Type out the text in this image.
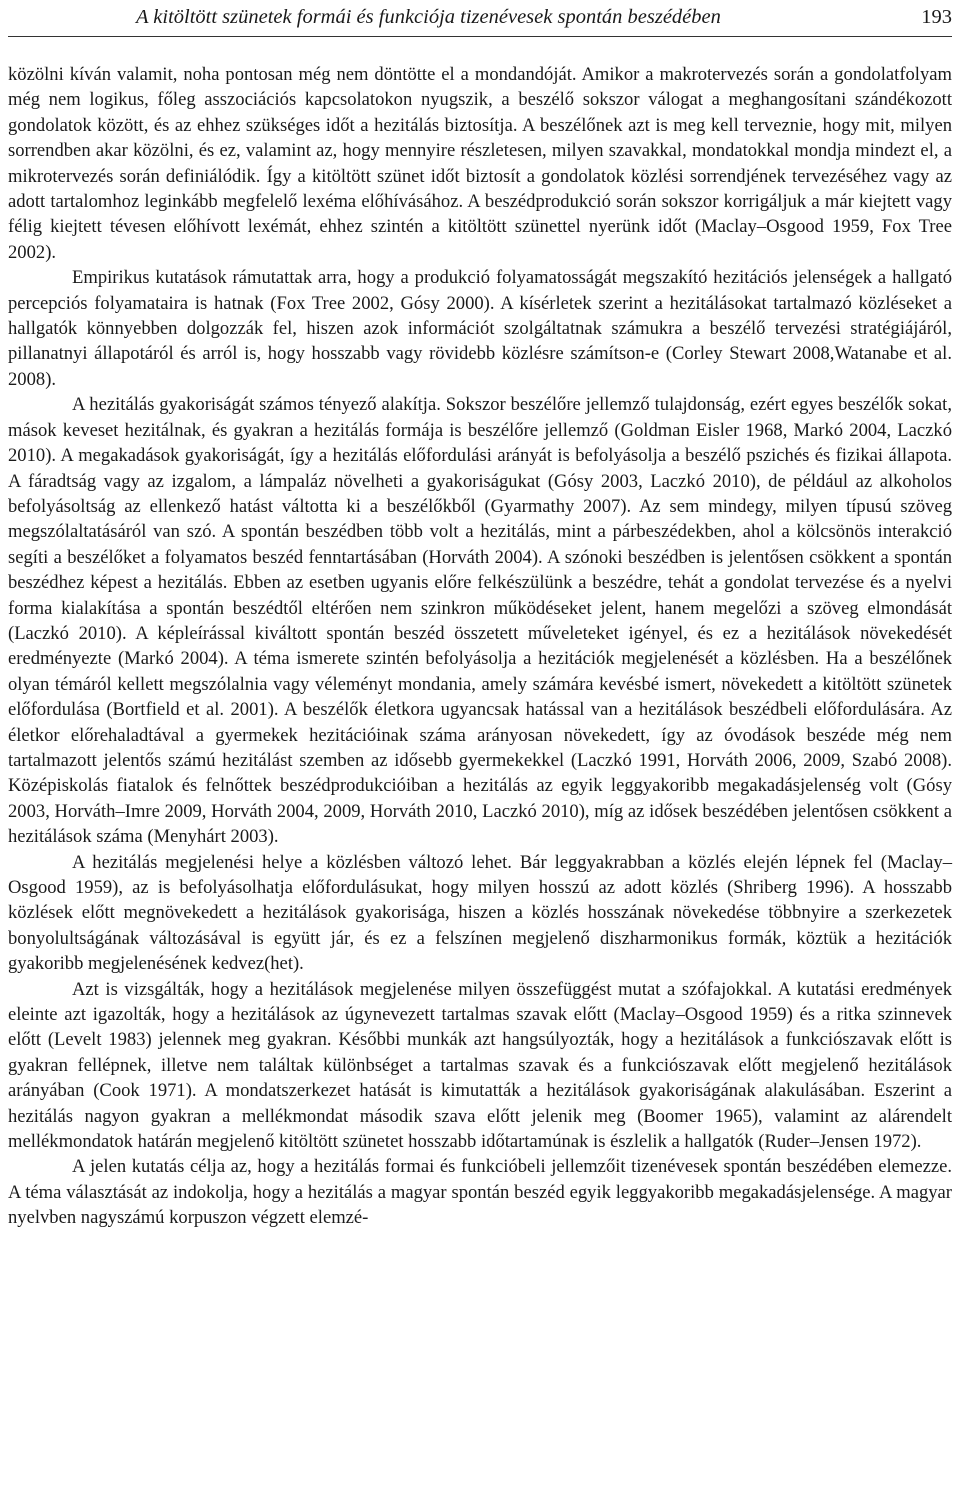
A kitöltött szünetek formái és funkciója tizenévesek spontán beszédében	193

közölni kíván valamit, noha pontosan még nem döntötte el a mondandóját. Amikor a makrotervezés során a gondolatfolyam még nem logikus, főleg asszociációs kapcsolatokon nyugszik, a beszélő sokszor válogat a meghangosítani szándékozott gondolatok között, és az ehhez szükséges időt a hezitálás biztosítja. A beszélőnek azt is meg kell terveznie, hogy mit, milyen sorrendben akar közölni, és ez, valamint az, hogy mennyire részletesen, milyen szavakkal, mondatokkal mondja mindezt el, a mikrotervezés során definiálódik. Így a kitöltött szünet időt biztosít a gondolatok közlési sorrendjének tervezéséhez vagy az adott tartalomhoz leginkább megfelelő lexéma előhívásához. A beszédprodukció során sokszor korrigáljuk a már kiejtett vagy félig kiejtett tévesen előhívott lexémát, ehhez szintén a kitöltött szünettel nyerünk időt (Maclay–Osgood 1959, Fox Tree 2002).

Empirikus kutatások rámutattak arra, hogy a produkció folyamatosságát megszakító hezitációs jelenségek a hallgató percepciós folyamataira is hatnak (Fox Tree 2002, Gósy 2000). A kísérletek szerint a hezitálásokat tartalmazó közléseket a hallgatók könnyebben dolgozzák fel, hiszen azok információt szolgáltatnak számukra a beszélő tervezési stratégiájáról, pillanatnyi állapotáról és arról is, hogy hosszabb vagy rövidebb közlésre számítson-e (Corley Stewart 2008,Watanabe et al. 2008).

A hezitálás gyakoriságát számos tényező alakítja. Sokszor beszélőre jellemző tulajdonság, ezért egyes beszélők sokat, mások keveset hezitálnak, és gyakran a hezitálás formája is beszélőre jellemző (Goldman Eisler 1968, Markó 2004, Laczkó 2010). A megakadások gyakoriságát, így a hezitálás előfordulási arányát is befolyásolja a beszélő pszichés és fizikai állapota. A fáradtság vagy az izgalom, a lámpaláz növelheti a gyakoriságukat (Gósy 2003, Laczkó 2010), de például az alkoholos befolyásoltság az ellenkező hatást váltotta ki a beszélőkből (Gyarmathy 2007). Az sem mindegy, milyen típusú szöveg megszólaltatásáról van szó. A spontán beszédben több volt a hezitálás, mint a párbeszédekben, ahol a kölcsönös interakció segíti a beszélőket a folyamatos beszéd fenntartásában (Horváth 2004). A szónoki beszédben is jelentősen csökkent a spontán beszédhez képest a hezitálás. Ebben az esetben ugyanis előre felkészülünk a beszédre, tehát a gondolat tervezése és a nyelvi forma kialakítása a spontán beszédtől eltérően nem szinkron működéseket jelent, hanem megelőzi a szöveg elmondását (Laczkó 2010). A képleírással kiváltott spontán beszéd összetett műveleteket igényel, és ez a hezitálások növekedését eredményezte (Markó 2004). A téma ismerete szintén befolyásolja a hezitációk megjelenését a közlésben. Ha a beszélőnek olyan témáról kellett megszólalnia vagy véleményt mondania, amely számára kevésbé ismert, növekedett a kitöltött szünetek előfordulása (Bortfield et al. 2001). A beszélők életkora ugyancsak hatással van a hezitálások beszédbeli előfordulására. Az életkor előrehaladtával a gyermekek hezitációinak száma arányosan növekedett, így az óvodások beszéde még nem tartalmazott jelentős számú hezitálást szemben az idősebb gyermekekkel (Laczkó 1991, Horváth 2006, 2009, Szabó 2008). Középiskolás fiatalok és felnőttek beszédprodukcióiban a hezitálás az egyik leggyakoribb megakadásjelenség volt (Gósy 2003, Horváth–Imre 2009, Horváth 2004, 2009, Horváth 2010, Laczkó 2010), míg az idősek beszédében jelentősen csökkent a hezitálások száma (Menyhárt 2003).

A hezitálás megjelenési helye a közlésben változó lehet. Bár leggyakrabban a közlés elején lépnek fel (Maclay–Osgood 1959), az is befolyásolhatja előfordulásukat, hogy milyen hosszú az adott közlés (Shriberg 1996). A hosszabb közlések előtt megnövekedett a hezitálások gyakorisága, hiszen a közlés hosszának növekedése többnyire a szerkezetek bonyolultságának változásával is együtt jár, és ez a felszínen megjelenő diszharmonikus formák, köztük a hezitációk gyakoribb megjelenésének kedvez(het).

Azt is vizsgálták, hogy a hezitálások megjelenése milyen összefüggést mutat a szófajokkal. A kutatási eredmények eleinte azt igazolták, hogy a hezitálások az úgynevezett tartalmas szavak előtt (Maclay–Osgood 1959) és a ritka szinnevek előtt (Levelt 1983) jelennek meg gyakran. Későbbi munkák azt hangsúlyozták, hogy a hezitálások a funkciószavak előtt is gyakran fellépnek, illetve nem találtak különbséget a tartalmas szavak és a funkciószavak előtt megjelenő hezitálások arányában (Cook 1971). A mondatszerkezet hatását is kimutatták a hezitálások gyakoriságának alakulásában. Eszerint a hezitálás nagyon gyakran a mellékmondat második szava előtt jelenik meg (Boomer 1965), valamint az alárendelt mellékmondatok határán megjelenő kitöltött szünetet hosszabb időtartamúnak is észlelik a hallgatók (Ruder–Jensen 1972).

A jelen kutatás célja az, hogy a hezitálás formai és funkcióbeli jellemzőit tizenévesek spontán beszédében elemezze. A téma választását az indokolja, hogy a hezitálás a magyar spontán beszéd egyik leggyakoribb megakadásjelensége. A magyar nyelvben nagyszámú korpuszon végzett elemzé-
